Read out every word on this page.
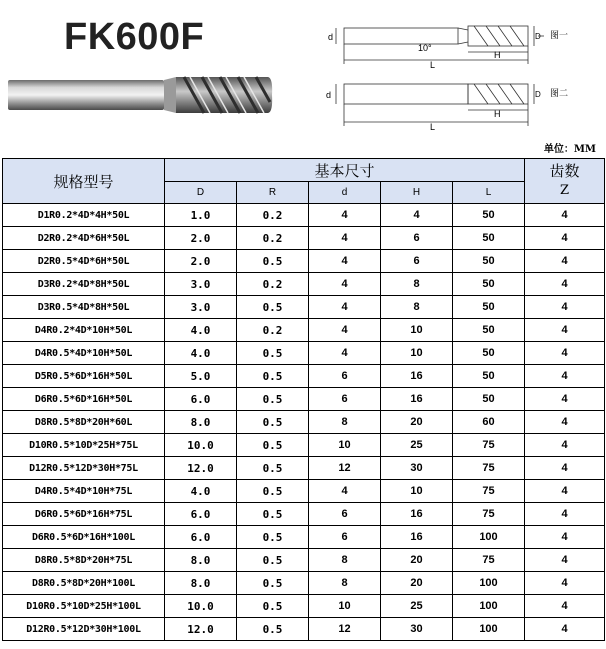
FK600F	d
10°
H
L
D 图一
d
H
L
D 图二
单位：MM
规格型号	基本尺寸					齿数
Z

	D	R	d	H	L	
D1R0.2*4D*4H*50L	1.0	0.2	4	4	50	4
D2R0.2*4D*6H*50L	2.0	0.2	4	6	50	4
D2R0.5*4D*6H*50L	2.0	0.5	4	6	50	4
D3R0.2*4D*8H*50L	3.0	0.2	4	8	50	4
D3R0.5*4D*8H*50L	3.0	0.5	4	8	50	4
D4R0.2*4D*10H*50L	4.0	0.2	4	10	50	4
D4R0.5*4D*10H*50L	4.0	0.5	4	10	50	4
D5R0.5*6D*16H*50L	5.0	0.5	6	16	50	4
D6R0.5*6D*16H*50L	6.0	0.5	6	16	50	4
D8R0.5*8D*20H*60L	8.0	0.5	8	20	60	4
D10R0.5*10D*25H*75L	10.0	0.5	10	25	75	4
D12R0.5*12D*30H*75L	12.0	0.5	12	30	75	4
D4R0.5*4D*10H*75L	4.0	0.5	4	10	75	4
D6R0.5*6D*16H*75L	6.0	0.5	6	16	75	4
D6R0.5*6D*16H*100L	6.0	0.5	6	16	100	4
D8R0.5*8D*20H*75L	8.0	0.5	8	20	75	4
D8R0.5*8D*20H*100L	8.0	0.5	8	20	100	4
D10R0.5*10D*25H*100L	10.0	0.5	10	25	100	4
D12R0.5*12D*30H*100L	12.0	0.5	12	30	100	4
